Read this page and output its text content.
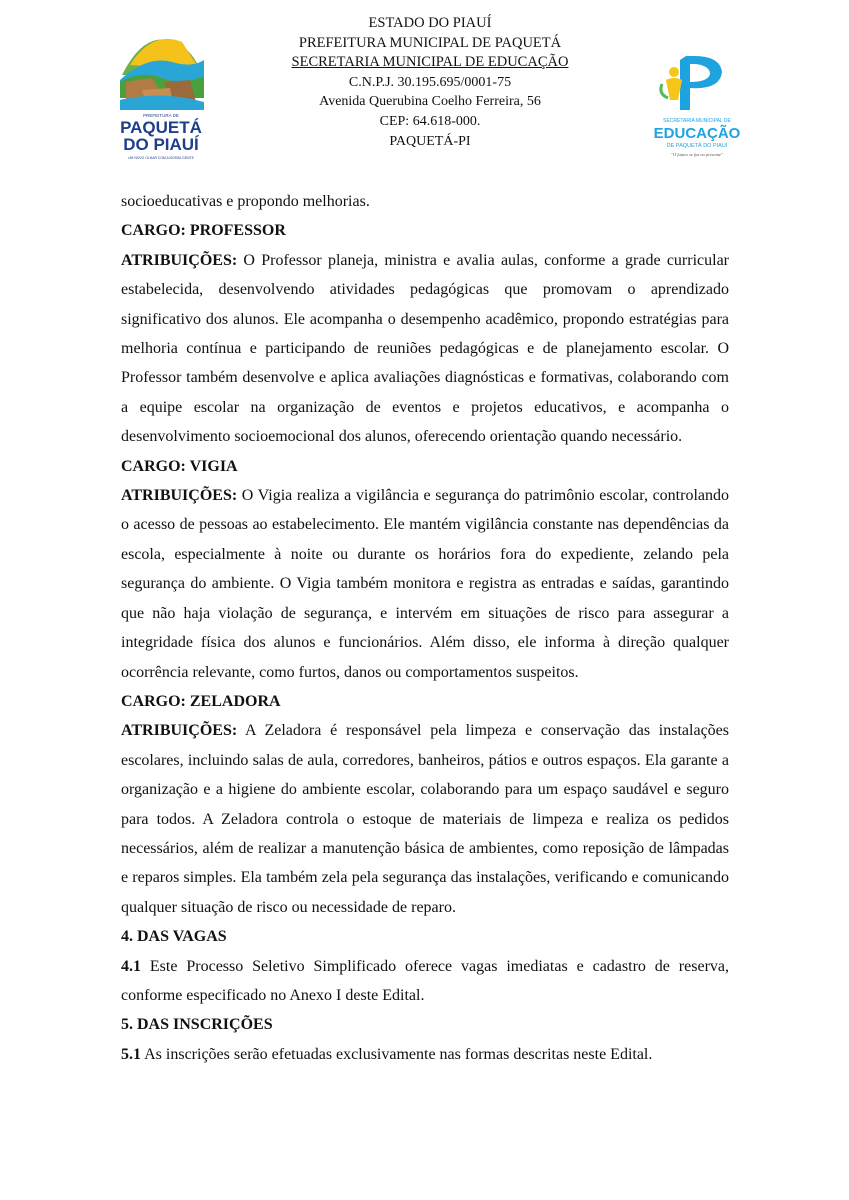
PREFEITURA DE
PAQUETÁ
DO PIAUÍ
UM NOVO OLHAR COM A NOSSA GENTE
ESTADO DO PIAUÍ
PREFEITURA MUNICIPAL DE PAQUETÁ
SECRETARIA MUNICIPAL DE EDUCAÇÃO
C.N.P.J. 30.195.695/0001-75
Avenida Querubina Coelho Ferreira, 56
CEP: 64.618-000.
PAQUETÁ-PI
SECRETARIA MUNICIPAL DE
EDUCAÇÃO
DE PAQUETÁ DO PIAUÍ
"O futuro se faz no presente"

socioeducativas e propondo melhorias.

CARGO: PROFESSOR

ATRIBUIÇÕES: O Professor planeja, ministra e avalia aulas, conforme a grade curricular estabelecida, desenvolvendo atividades pedagógicas que promovam o aprendizado significativo dos alunos. Ele acompanha o desempenho acadêmico, propondo estratégias para melhoria contínua e participando de reuniões pedagógicas e de planejamento escolar. O Professor também desenvolve e aplica avaliações diagnósticas e formativas, colaborando com a equipe escolar na organização de eventos e projetos educativos, e acompanha o desenvolvimento socioemocional dos alunos, oferecendo orientação quando necessário.

CARGO: VIGIA

ATRIBUIÇÕES: O Vigia realiza a vigilância e segurança do patrimônio escolar, controlando o acesso de pessoas ao estabelecimento. Ele mantém vigilância constante nas dependências da escola, especialmente à noite ou durante os horários fora do expediente, zelando pela segurança do ambiente. O Vigia também monitora e registra as entradas e saídas, garantindo que não haja violação de segurança, e intervém em situações de risco para assegurar a integridade física dos alunos e funcionários. Além disso, ele informa à direção qualquer ocorrência relevante, como furtos, danos ou comportamentos suspeitos.

CARGO: ZELADORA

ATRIBUIÇÕES: A Zeladora é responsável pela limpeza e conservação das instalações escolares, incluindo salas de aula, corredores, banheiros, pátios e outros espaços. Ela garante a organização e a higiene do ambiente escolar, colaborando para um espaço saudável e seguro para todos. A Zeladora controla o estoque de materiais de limpeza e realiza os pedidos necessários, além de realizar a manutenção básica de ambientes, como reposição de lâmpadas e reparos simples. Ela também zela pela segurança das instalações, verificando e comunicando qualquer situação de risco ou necessidade de reparo.

4. DAS VAGAS

4.1 Este Processo Seletivo Simplificado oferece vagas imediatas e cadastro de reserva, conforme especificado no Anexo I deste Edital.

5. DAS INSCRIÇÕES

5.1 As inscrições serão efetuadas exclusivamente nas formas descritas neste Edital.
